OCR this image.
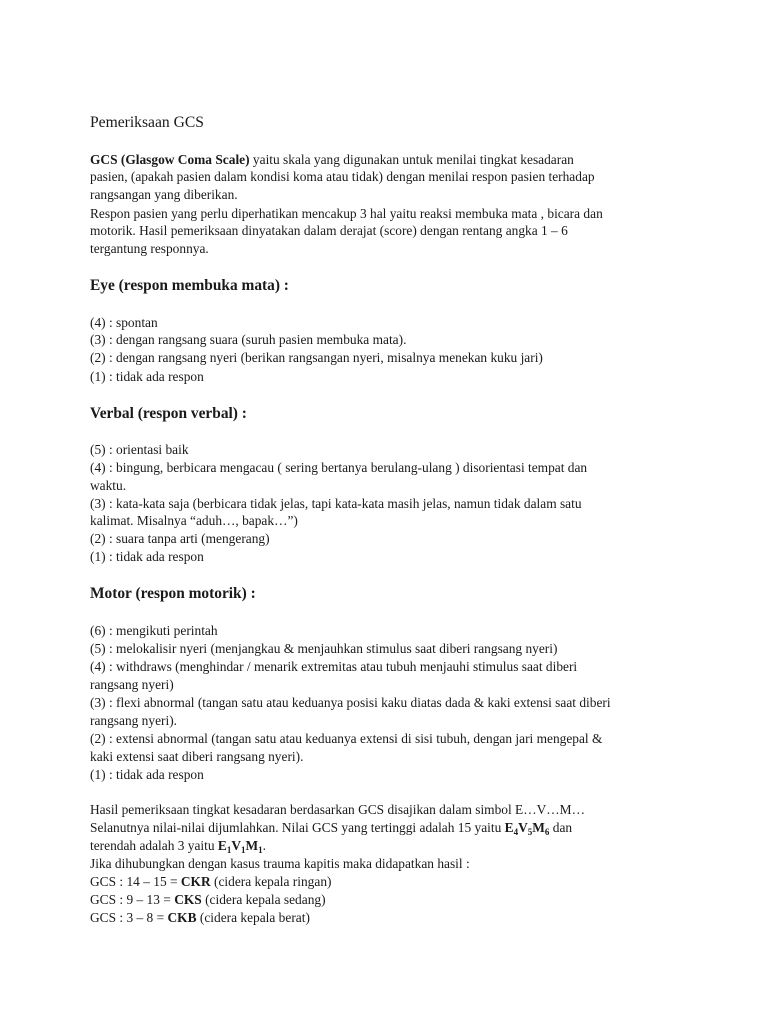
Pemeriksaan GCS
GCS (Glasgow Coma Scale) yaitu skala yang digunakan untuk menilai tingkat kesadaran
pasien, (apakah pasien dalam kondisi koma atau tidak) dengan menilai respon pasien terhadap
rangsangan yang diberikan.
Respon pasien yang perlu diperhatikan mencakup 3 hal yaitu reaksi membuka mata , bicara dan
motorik. Hasil pemeriksaan dinyatakan dalam derajat (score) dengan rentang angka 1 – 6
tergantung responnya.
Eye (respon membuka mata) :
(4) : spontan
(3) : dengan rangsang suara (suruh pasien membuka mata).
(2) : dengan rangsang nyeri (berikan rangsangan nyeri, misalnya menekan kuku jari)
(1) : tidak ada respon
Verbal (respon verbal) :
(5) : orientasi baik
(4) : bingung, berbicara mengacau ( sering bertanya berulang-ulang ) disorientasi tempat dan
waktu.
(3) : kata-kata saja (berbicara tidak jelas, tapi kata-kata masih jelas, namun tidak dalam satu
kalimat. Misalnya “aduh…, bapak…”)
(2) : suara tanpa arti (mengerang)
(1) : tidak ada respon
Motor (respon motorik) :
(6) : mengikuti perintah
(5) : melokalisir nyeri (menjangkau & menjauhkan stimulus saat diberi rangsang nyeri)
(4) : withdraws (menghindar / menarik extremitas atau tubuh menjauhi stimulus saat diberi
rangsang nyeri)
(3) : flexi abnormal (tangan satu atau keduanya posisi kaku diatas dada & kaki extensi saat diberi
rangsang nyeri).
(2) : extensi abnormal (tangan satu atau keduanya extensi di sisi tubuh, dengan jari mengepal &
kaki extensi saat diberi rangsang nyeri).
(1) : tidak ada respon
Hasil pemeriksaan tingkat kesadaran berdasarkan GCS disajikan dalam simbol E…V…M…
Selanutnya nilai-nilai dijumlahkan. Nilai GCS yang tertinggi adalah 15 yaitu $E_4V_5M_6$ dan
terendah adalah 3 yaitu $E_1V_1M_1$.
Jika dihubungkan dengan kasus trauma kapitis maka didapatkan hasil :
GCS : 14 – 15 = CKR (cidera kepala ringan)
GCS : 9 – 13 = CKS (cidera kepala sedang)
GCS : 3 – 8 = CKB (cidera kepala berat)
